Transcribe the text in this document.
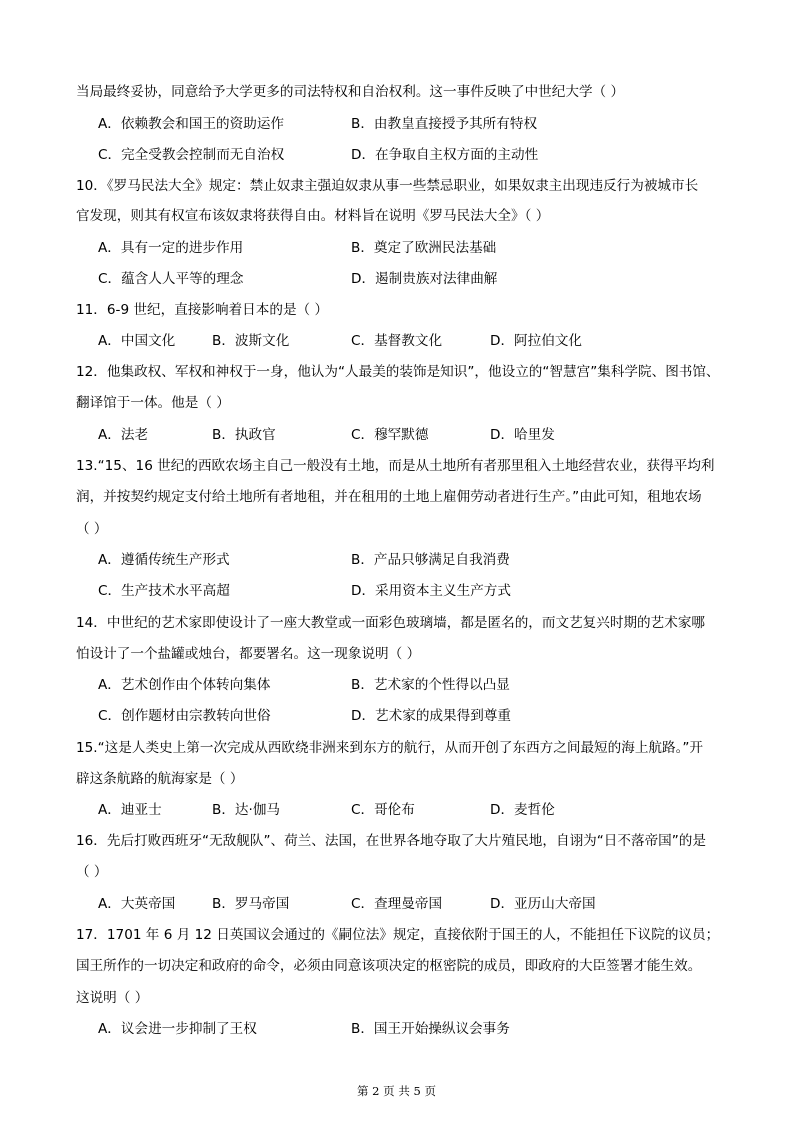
当局最终妥协，同意给予大学更多的司法特权和自治权利。这一事件反映了中世纪大学（ ）
A．依赖教会和国王的资助运作	B．由教皇直接授予其所有特权
C．完全受教会控制而无自治权	D．在争取自主权方面的主动性
10．《罗马民法大全》规定：禁止奴隶主强迫奴隶从事一些禁忌职业，如果奴隶主出现违反行为被城市长
官发现，则其有权宣布该奴隶将获得自由。材料旨在说明《罗马民法大全》（ ）
A．具有一定的进步作用	B．奠定了欧洲民法基础
C．蕴含人人平等的理念	D．遏制贵族对法律曲解
11．6-9 世纪，直接影响着日本的是（ ）
A．中国文化	B．波斯文化	C．基督教文化	D．阿拉伯文化
12．他集政权、军权和神权于一身，他认为“人最美的装饰是知识”，他设立的“智慧宫”集科学院、图书馆、
翻译馆于一体。他是（ ）
A．法老	B．执政官	C．穆罕默德	D．哈里发
13.“15、16 世纪的西欧农场主自己一般没有土地，而是从土地所有者那里租入土地经营农业，获得平均利
润，并按契约规定支付给土地所有者地租，并在租用的土地上雇佣劳动者进行生产。”由此可知，租地农场
（ ）
A．遵循传统生产形式	B．产品只够满足自我消费
C．生产技术水平高超	D．采用资本主义生产方式
14．中世纪的艺术家即使设计了一座大教堂或一面彩色玻璃墙，都是匿名的，而文艺复兴时期的艺术家哪
怕设计了一个盐罐或烛台，都要署名。这一现象说明（ ）
A．艺术创作由个体转向集体	B．艺术家的个性得以凸显
C．创作题材由宗教转向世俗	D．艺术家的成果得到尊重
15.“这是人类史上第一次完成从西欧绕非洲来到东方的航行，从而开创了东西方之间最短的海上航路。”开
辟这条航路的航海家是（ ）
A．迪亚士	B．达·伽马	C．哥伦布	D．麦哲伦
16．先后打败西班牙“无敌舰队”、荷兰、法国，在世界各地夺取了大片殖民地，自诩为“日不落帝国”的是
（ ）
A．大英帝国	B．罗马帝国	C．查理曼帝国	D．亚历山大帝国
17．1701 年 6 月 12 日英国议会通过的《嗣位法》规定，直接依附于国王的人，不能担任下议院的议员；
国王所作的一切决定和政府的命令，必须由同意该项决定的枢密院的成员，即政府的大臣签署才能生效。
这说明（ ）
A．议会进一步抑制了王权	B．国王开始操纵议会事务
第 2 页 共 5 页
